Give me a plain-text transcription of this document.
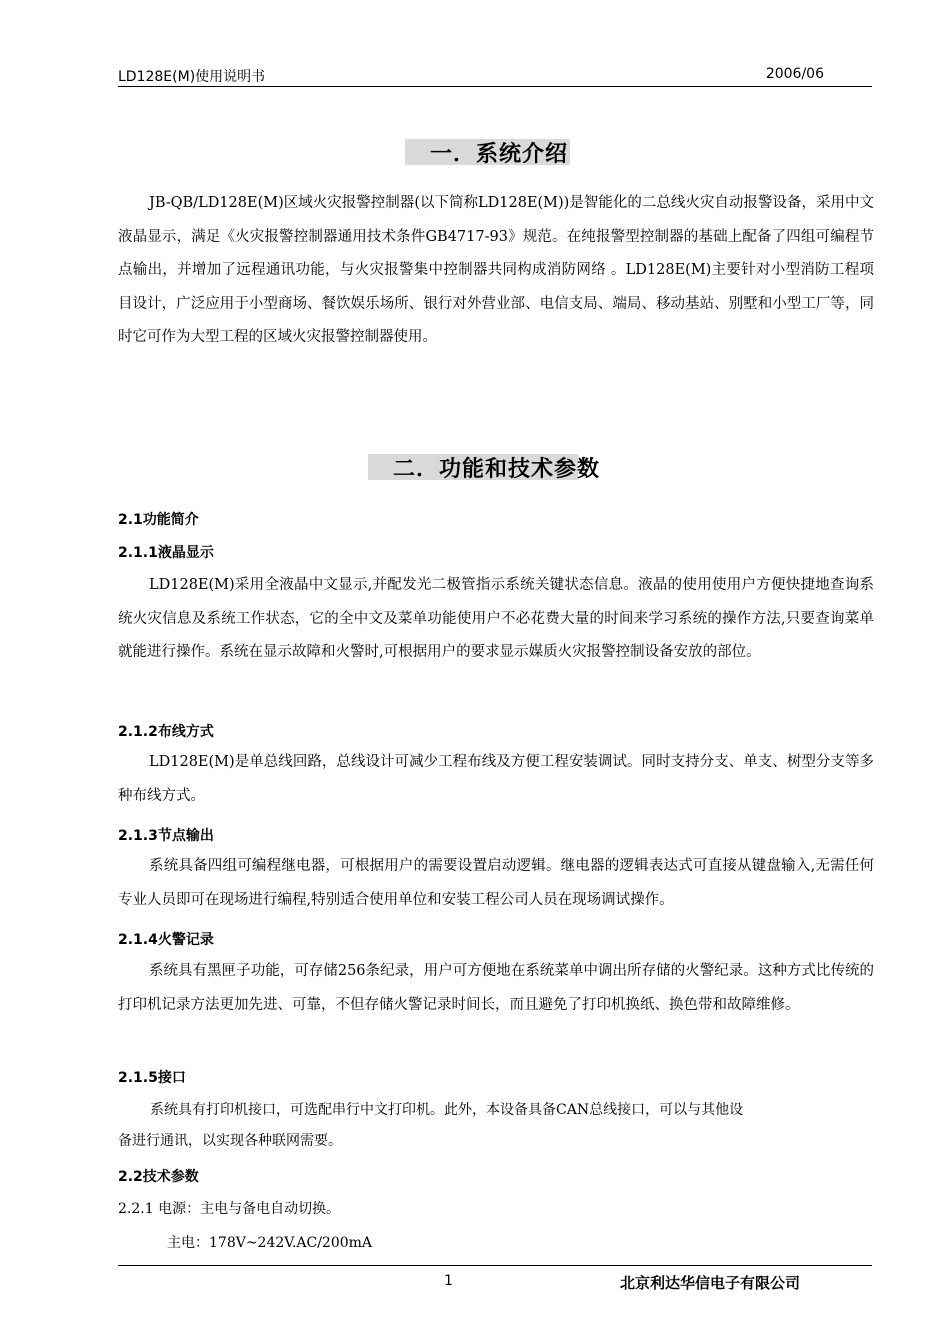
LD128E(M)使用说明书	2006/06
一．系统介绍
JB-QB/LD128E(M)区域火灾报警控制器(以下简称LD128E(M))是智能化的二总线火灾自动报警设备，采用中文液晶显示，满足《火灾报警控制器通用技术条件GB4717-93》规范。在纯报警型控制器的基础上配备了四组可编程节点输出，并增加了远程通讯功能，与火灾报警集中控制器共同构成消防网络 。LD128E(M)主要针对小型消防工程项目设计，广泛应用于小型商场、餐饮娱乐场所、银行对外营业部、电信支局、端局、移动基站、别墅和小型工厂等，同时它可作为大型工程的区域火灾报警控制器使用。
二．功能和技术参数
2.1功能简介
2.1.1液晶显示
LD128E(M)采用全液晶中文显示,并配发光二极管指示系统关键状态信息。液晶的使用使用户方便快捷地查询系统火灾信息及系统工作状态，它的全中文及菜单功能使用户不必花费大量的时间来学习系统的操作方法,只要查询菜单就能进行操作。系统在显示故障和火警时,可根据用户的要求显示媒质火灾报警控制设备安放的部位。
2.1.2布线方式
LD128E(M)是单总线回路，总线设计可减少工程布线及方便工程安装调试。同时支持分支、单支、树型分支等多种布线方式。
2.1.3节点输出
系统具备四组可编程继电器，可根据用户的需要设置启动逻辑。继电器的逻辑表达式可直接从键盘输入,无需任何专业人员即可在现场进行编程,特别适合使用单位和安装工程公司人员在现场调试操作。
2.1.4火警记录
系统具有黑匣子功能，可存储256条纪录，用户可方便地在系统菜单中调出所存储的火警纪录。这种方式比传统的打印机记录方法更加先进、可靠，不但存储火警记录时间长，而且避免了打印机换纸、换色带和故障维修。
2.1.5接口
系统具有打印机接口，可选配串行中文打印机。此外，本设备具备CAN总线接口，可以与其他设
备进行通讯，以实现各种联网需要。
2.2技术参数
2.2.1 电源：主电与备电自动切换。
主电：178V~242V.AC/200mA
1	北京利达华信电子有限公司
